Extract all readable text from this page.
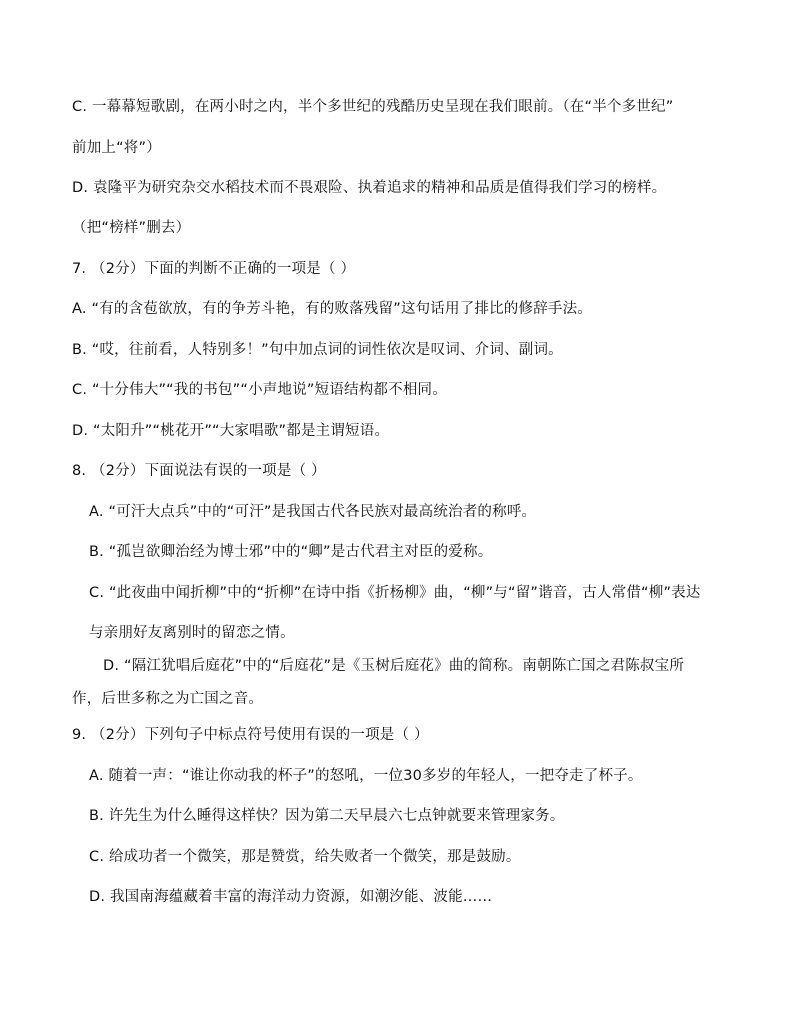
C. 一幕幕短歌剧，在两小时之内，半个多世纪的残酷历史呈现在我们眼前。（在“半个多世纪”
前加上“将”）
D. 袁隆平为研究杂交水稻技术而不畏艰险、执着追求的精神和品质是值得我们学习的榜样。
（把“榜样”删去）
7. （2分）下面的判断不正确的一项是（ ）
A. “有的含苞欲放，有的争芳斗艳，有的败落残留”这句话用了排比的修辞手法。
B. “哎，往前看，人特别多！”句中加点词的词性依次是叹词、介词、副词。
C. “十分伟大”“我的书包”“小声地说”短语结构都不相同。
D. “太阳升”“桃花开”“大家唱歌”都是主谓短语。
8. （2分）下面说法有误的一项是（ ）
A. “可汗大点兵”中的“可汗”是我国古代各民族对最高统治者的称呼。
B. “孤岂欲卿治经为博士邪”中的“卿”是古代君主对臣的爱称。
C. “此夜曲中闻折柳”中的“折柳”在诗中指《折杨柳》曲，“柳”与“留”谐音，古人常借“柳”表达
与亲朋好友离别时的留恋之情。
D. “隔江犹唱后庭花”中的“后庭花”是《玉树后庭花》曲的简称。南朝陈亡国之君陈叔宝所
作，后世多称之为亡国之音。
9. （2分）下列句子中标点符号使用有误的一项是（ ）
A. 随着一声：“谁让你动我的杯子”的怒吼，一位30多岁的年轻人，一把夺走了杯子。
B. 许先生为什么睡得这样快？因为第二天早晨六七点钟就要来管理家务。
C. 给成功者一个微笑，那是赞赏，给失败者一个微笑，那是鼓励。
D. 我国南海蕴藏着丰富的海洋动力资源，如潮汐能、波能……
